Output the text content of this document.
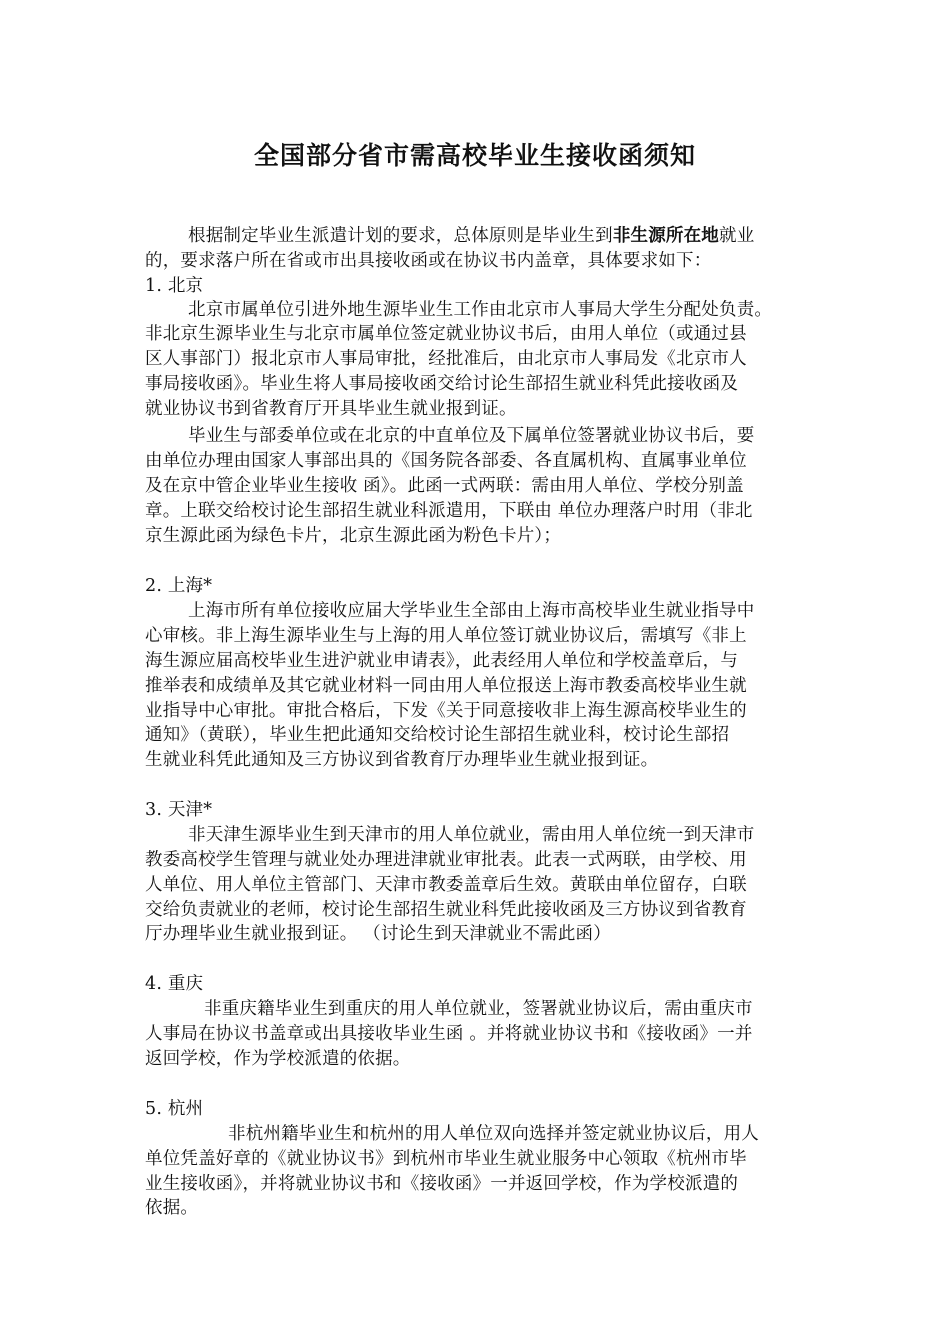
全国部分省市需高校毕业生接收函须知
根据制定毕业生派遣计划的要求，总体原则是毕业生到非生源所在地就业
的，要求落户所在省或市出具接收函或在协议书内盖章，具体要求如下：
1. 北京
北京市属单位引进外地生源毕业生工作由北京市人事局大学生分配处负责。
非北京生源毕业生与北京市属单位签定就业协议书后，由用人单位（或通过县
区人事部门）报北京市人事局审批，经批准后，由北京市人事局发《北京市人
事局接收函》。毕业生将人事局接收函交给讨论生部招生就业科凭此接收函及
就业协议书到省教育厅开具毕业生就业报到证。
毕业生与部委单位或在北京的中直单位及下属单位签署就业协议书后，要
由单位办理由国家人事部出具的《国务院各部委、各直属机构、直属事业单位
及在京中管企业毕业生接收 函》。此函一式两联：需由用人单位、学校分别盖
章。上联交给校讨论生部招生就业科派遣用，下联由 单位办理落户时用（非北
京生源此函为绿色卡片，北京生源此函为粉色卡片）；
2. 上海*
上海市所有单位接收应届大学毕业生全部由上海市高校毕业生就业指导中
心审核。非上海生源毕业生与上海的用人单位签订就业协议后，需填写《非上
海生源应届高校毕业生进沪就业申请表》，此表经用人单位和学校盖章后，与
推举表和成绩单及其它就业材料一同由用人单位报送上海市教委高校毕业生就
业指导中心审批。审批合格后，下发《关于同意接收非上海生源高校毕业生的
通知》（黄联），毕业生把此通知交给校讨论生部招生就业科，校讨论生部招
生就业科凭此通知及三方协议到省教育厅办理毕业生就业报到证。
3. 天津*
非天津生源毕业生到天津市的用人单位就业，需由用人单位统一到天津市
教委高校学生管理与就业处办理进津就业审批表。此表一式两联，由学校、用
人单位、用人单位主管部门、天津市教委盖章后生效。黄联由单位留存，白联
交给负责就业的老师，校讨论生部招生就业科凭此接收函及三方协议到省教育
厅办理毕业生就业报到证。 （讨论生到天津就业不需此函）
4. 重庆
非重庆籍毕业生到重庆的用人单位就业，签署就业协议后，需由重庆市
人事局在协议书盖章或出具接收毕业生函 。并将就业协议书和《接收函》一并
返回学校，作为学校派遣的依据。
5. 杭州
非杭州籍毕业生和杭州的用人单位双向选择并签定就业协议后，用人
单位凭盖好章的《就业协议书》到杭州市毕业生就业服务中心领取《杭州市毕
业生接收函》，并将就业协议书和《接收函》一并返回学校，作为学校派遣的
依据。
